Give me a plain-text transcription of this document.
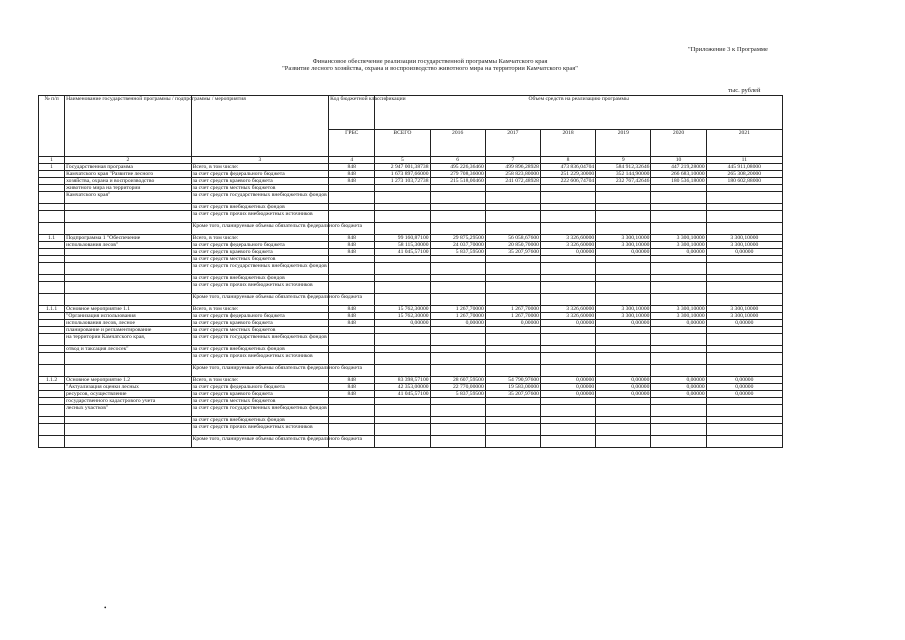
"Приложение 3 к Программе
Финансовое обеспечение реализации государственной программы Камчатского края
"Развитие лесного хозяйства, охрана и воспроизводство животного мира на территории Камчатского края"
тыс. рублей
№ п/п	Наименование государственной программы / подпрограммы / мероприятия		Код бюджетной классификации	Объем средств на реализацию программы						
			ГРБС	ВСЕГО	2016	2017	2018	2019	2020	2021
1	2	3	4	5	6	7	8	9	10	11
1	Государственная программа	Всего, в том числе:	848	2 947 001,38738	495 226,36460	499 896,28928	473 836,04704	584 912,32646	447 219,28000	445 911,08000
	Камчатского края "Развитие лесного	за счет средств федерального бюджета	848	1 673 897,66000	279 708,36000	258 823,80000	251 229,30000	352 144,90000	266 683,10000	265 308,20000
	хозяйства, охрана и воспроизводство	за счет средств краевого бюджета	848	1 273 103,72738	215 518,00460	241 072,48928	222 606,74704	232 767,42646	180 536,18000	180 602,88000
	животного мира на территории	за счет средств местных бюджетов								
	Камчатского края"	за счет средств государственных внебюджетных фондов								
		за счет средств внебюджетных фондов								
		за счет средств прочих внебюджетных источников								
		Кроме того, планируемые объемы обязательств федерального бюджета								
1.1	Подпрограмма 1 "Обеспечение	Всего, в том числе:	848	99 160,87100	29 875,29500	56 058,67600	3 326,60000	3 300,10000	3 300,10000	3 300,10000
	использования лесов"	за счет средств федерального бюджета	848	58 115,30000	24 037,70000	20 850,70000	3 326,60000	3 300,10000	3 300,10000	3 300,10000
		за счет средств краевого бюджета	848	41 045,57100	5 837,59500	35 207,97600	0,00000	0,00000	0,00000	0,00000
		за счет средств местных бюджетов								
		за счет средств государственных внебюджетных фондов								
		за счет средств внебюджетных фондов								
		за счет средств прочих внебюджетных источников								
		Кроме того, планируемые объемы обязательств федерального бюджета								
1.1.1	Основное мероприятие 1.1	Всего, в том числе:	848	15 762,30000	1 267,70000	1 267,70000	3 326,60000	3 300,10000	3 300,10000	3 300,10000
	"Организация использования	за счет средств федерального бюджета	848	15 762,30000	1 267,70000	1 267,70000	3 326,60000	3 300,10000	3 300,10000	3 300,10000
	использования лесов, лесное	за счет средств краевого бюджета	848	0,00000	0,00000	0,00000	0,00000	0,00000	0,00000	0,00000
	планирование и регламентирование	за счет средств местных бюджетов								
	на территории Камчатского края,	за счет средств государственных внебюджетных фондов								
	отвод и таксация лесосек"	за счет средств внебюджетных фондов								
		за счет средств прочих внебюджетных источников								
		Кроме того, планируемые объемы обязательств федерального бюджета								
1.1.2	Основное мероприятие 1.2	Всего, в том числе:	848	83 398,57100	28 607,59500	54 790,97600	0,00000	0,00000	0,00000	0,00000
	"Актуализация оценки лесных	за счет средств федерального бюджета	848	42 353,00000	22 770,00000	19 583,00000	0,00000	0,00000	0,00000	0,00000
	ресурсов, осуществление	за счет средств краевого бюджета	848	41 045,57100	5 837,59500	35 207,97600	0,00000	0,00000	0,00000	0,00000
	государственного кадастрового учета	за счет средств местных бюджетов								
	лесных участков"	за счет средств государственных внебюджетных фондов								
		за счет средств внебюджетных фондов								
		за счет средств прочих внебюджетных источников								
		Кроме того, планируемые объемы обязательств федерального бюджета								
•
